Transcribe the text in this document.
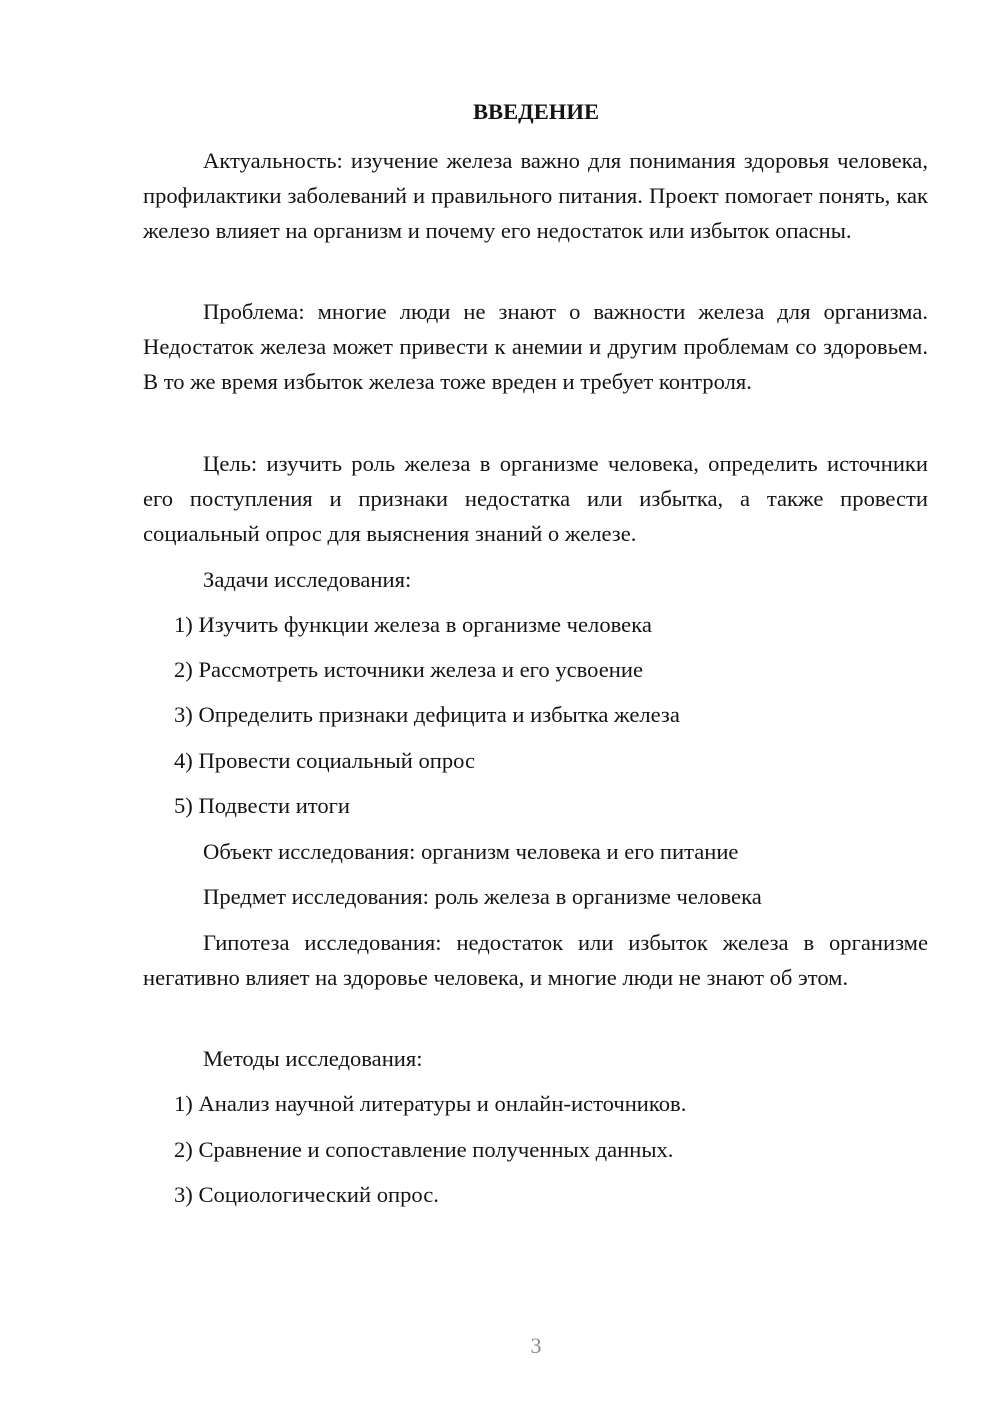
ВВЕДЕНИЕ

Актуальность: изучение железа важно для понимания здоровья человека, профилактики заболеваний и правильного питания. Проект помогает понять, как железо влияет на организм и почему его недостаток или избыток опасны.

Проблема: многие люди не знают о важности железа для организма. Недостаток железа может привести к анемии и другим проблемам со здоровьем. В то же время избыток железа тоже вреден и требует контроля.

Цель: изучить роль железа в организме человека, определить источники его поступления и признаки недостатка или избытка, а также провести социальный опрос для выяснения знаний о железе.

Задачи исследования:

1) Изучить функции железа в организме человека

2) Рассмотреть источники железа и его усвоение

3) Определить признаки дефицита и избытка железа

4) Провести социальный опрос

5) Подвести итоги

Объект исследования: организм человека и его питание

Предмет исследования: роль железа в организме человека

Гипотеза исследования: недостаток или избыток железа в организме негативно влияет на здоровье человека, и многие люди не знают об этом.

Методы исследования:

1) Анализ научной литературы и онлайн-источников.

2) Сравнение и сопоставление полученных данных.

3) Социологический опрос.

3
